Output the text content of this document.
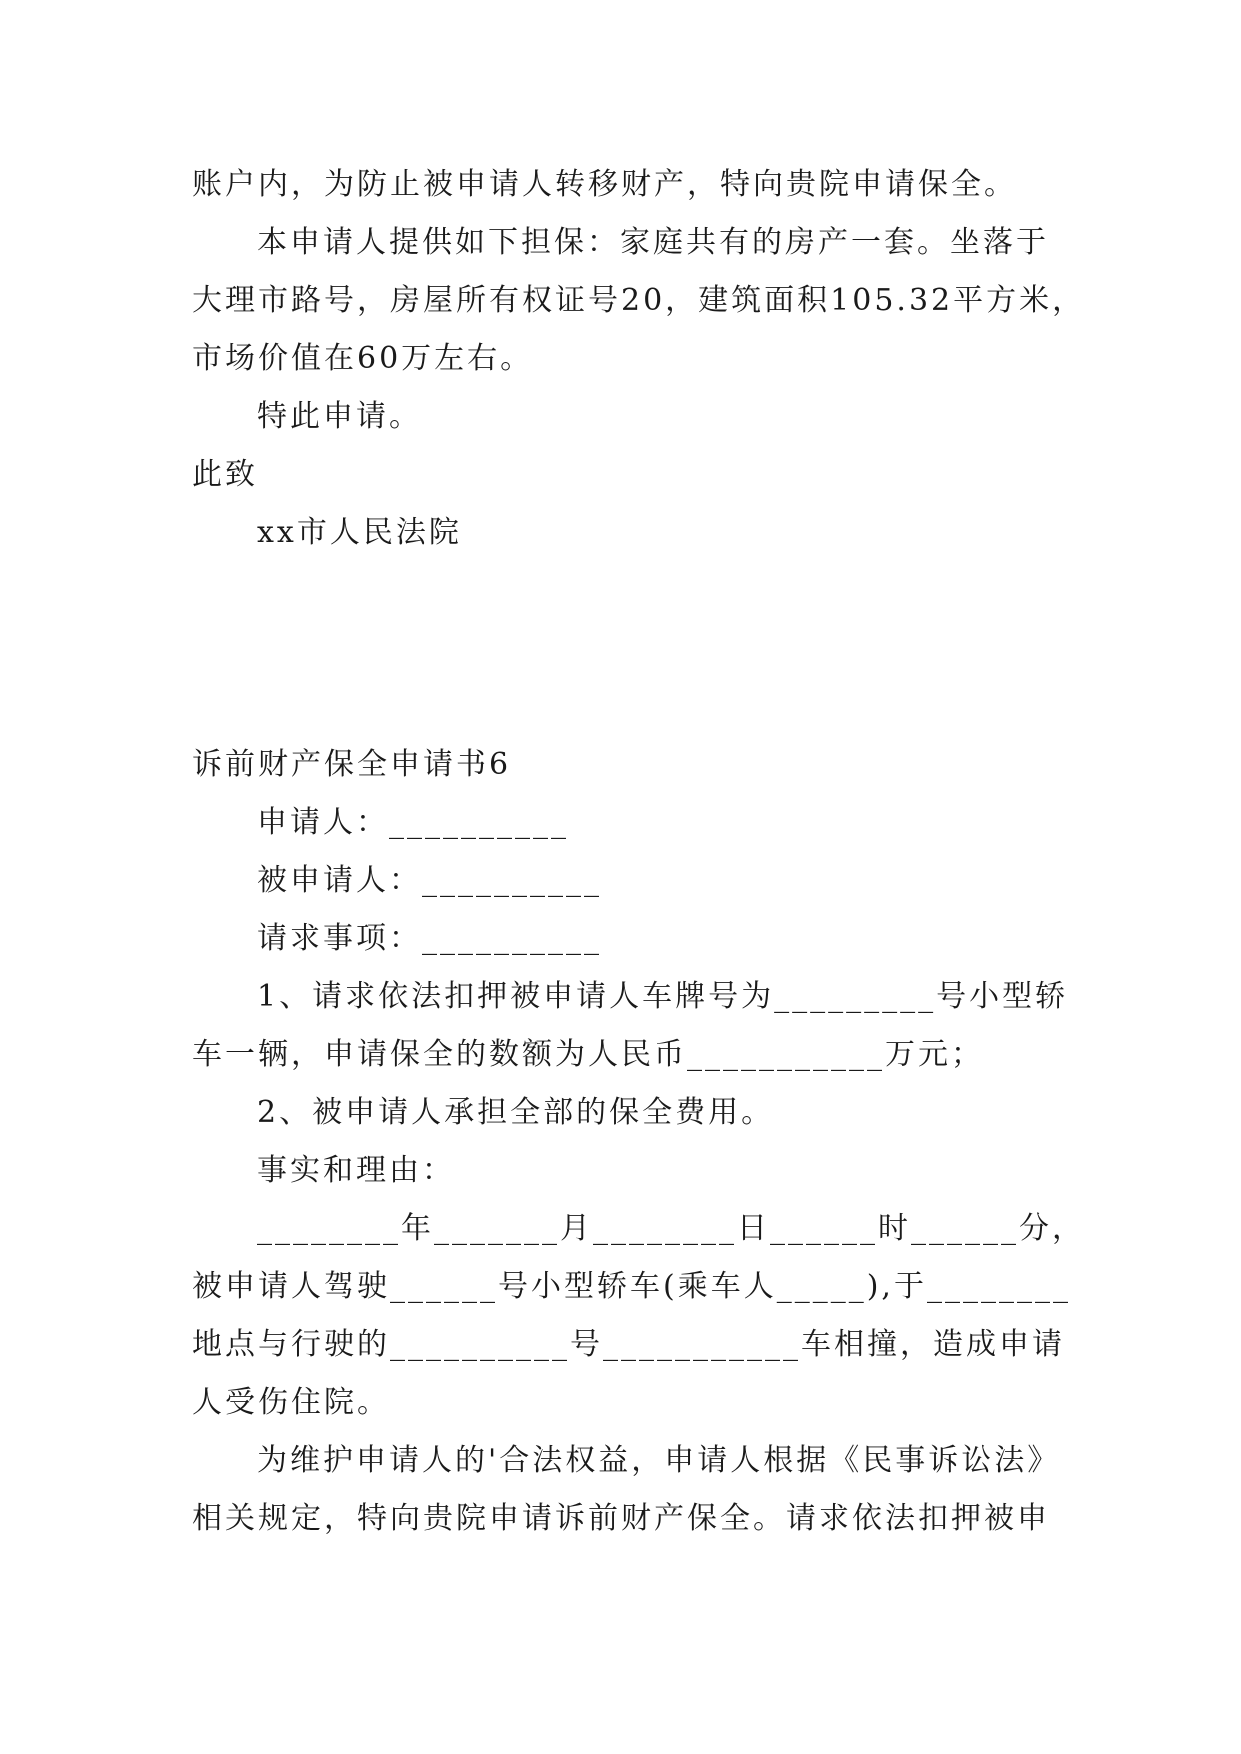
账户内，为防止被申请人转移财产，特向贵院申请保全。
本申请人提供如下担保：家庭共有的房产一套。坐落于
大理市路号，房屋所有权证号20，建筑面积105.32平方米，
市场价值在60万左右。
特此申请。
此致
xx市人民法院
诉前财产保全申请书6
申请人：__________
被申请人：__________
请求事项：__________
1、请求依法扣押被申请人车牌号为_________号小型轿
车一辆，申请保全的数额为人民币___________万元；
2、被申请人承担全部的保全费用。
事实和理由：
________年_______月________日______时______分，
被申请人驾驶______号小型轿车(乘车人_____),于________
地点与行驶的__________号___________车相撞，造成申请
人受伤住院。
为维护申请人的'合法权益，申请人根据《民事诉讼法》
相关规定，特向贵院申请诉前财产保全。请求依法扣押被申
